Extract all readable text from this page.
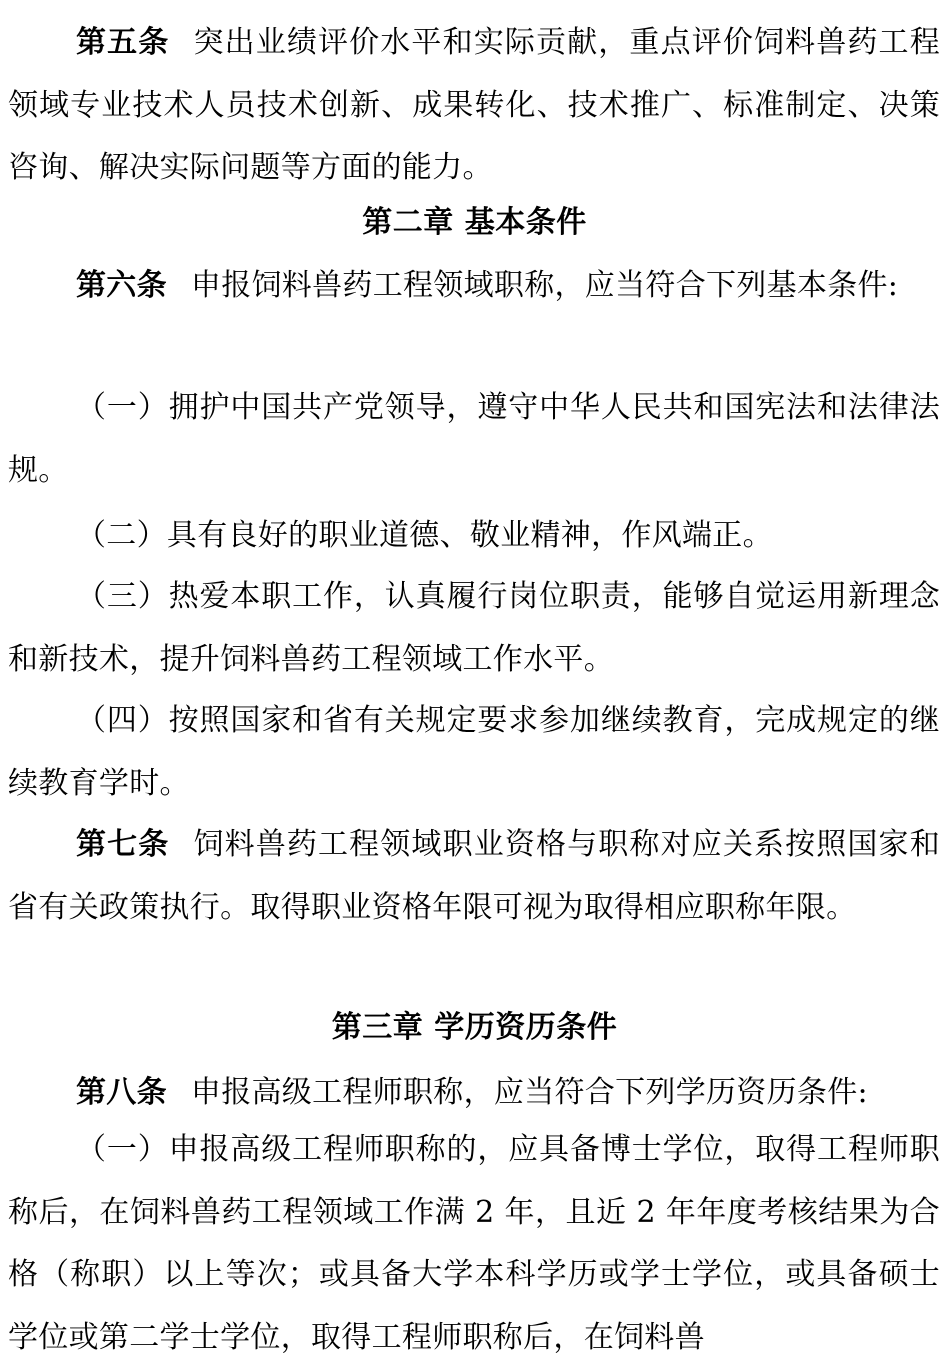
第五条 突出业绩评价水平和实际贡献，重点评价饲料兽药工程领域专业技术人员技术创新、成果转化、技术推广、标准制定、决策咨询、解决实际问题等方面的能力。

第二章 基本条件

第六条 申报饲料兽药工程领域职称，应当符合下列基本条件:

（一）拥护中国共产党领导，遵守中华人民共和国宪法和法律法规。

（二）具有良好的职业道德、敬业精神，作风端正。

（三）热爱本职工作，认真履行岗位职责，能够自觉运用新理念和新技术，提升饲料兽药工程领域工作水平。

（四）按照国家和省有关规定要求参加继续教育，完成规定的继续教育学时。

第七条 饲料兽药工程领域职业资格与职称对应关系按照国家和省有关政策执行。取得职业资格年限可视为取得相应职称年限。

第三章 学历资历条件

第八条 申报高级工程师职称，应当符合下列学历资历条件:

（一）申报高级工程师职称的，应具备博士学位，取得工程师职称后，在饲料兽药工程领域工作满 2 年，且近 2 年年度考核结果为合格（称职）以上等次；或具备大学本科学历或学士学位，或具备硕士学位或第二学士学位，取得工程师职称后，在饲料兽
